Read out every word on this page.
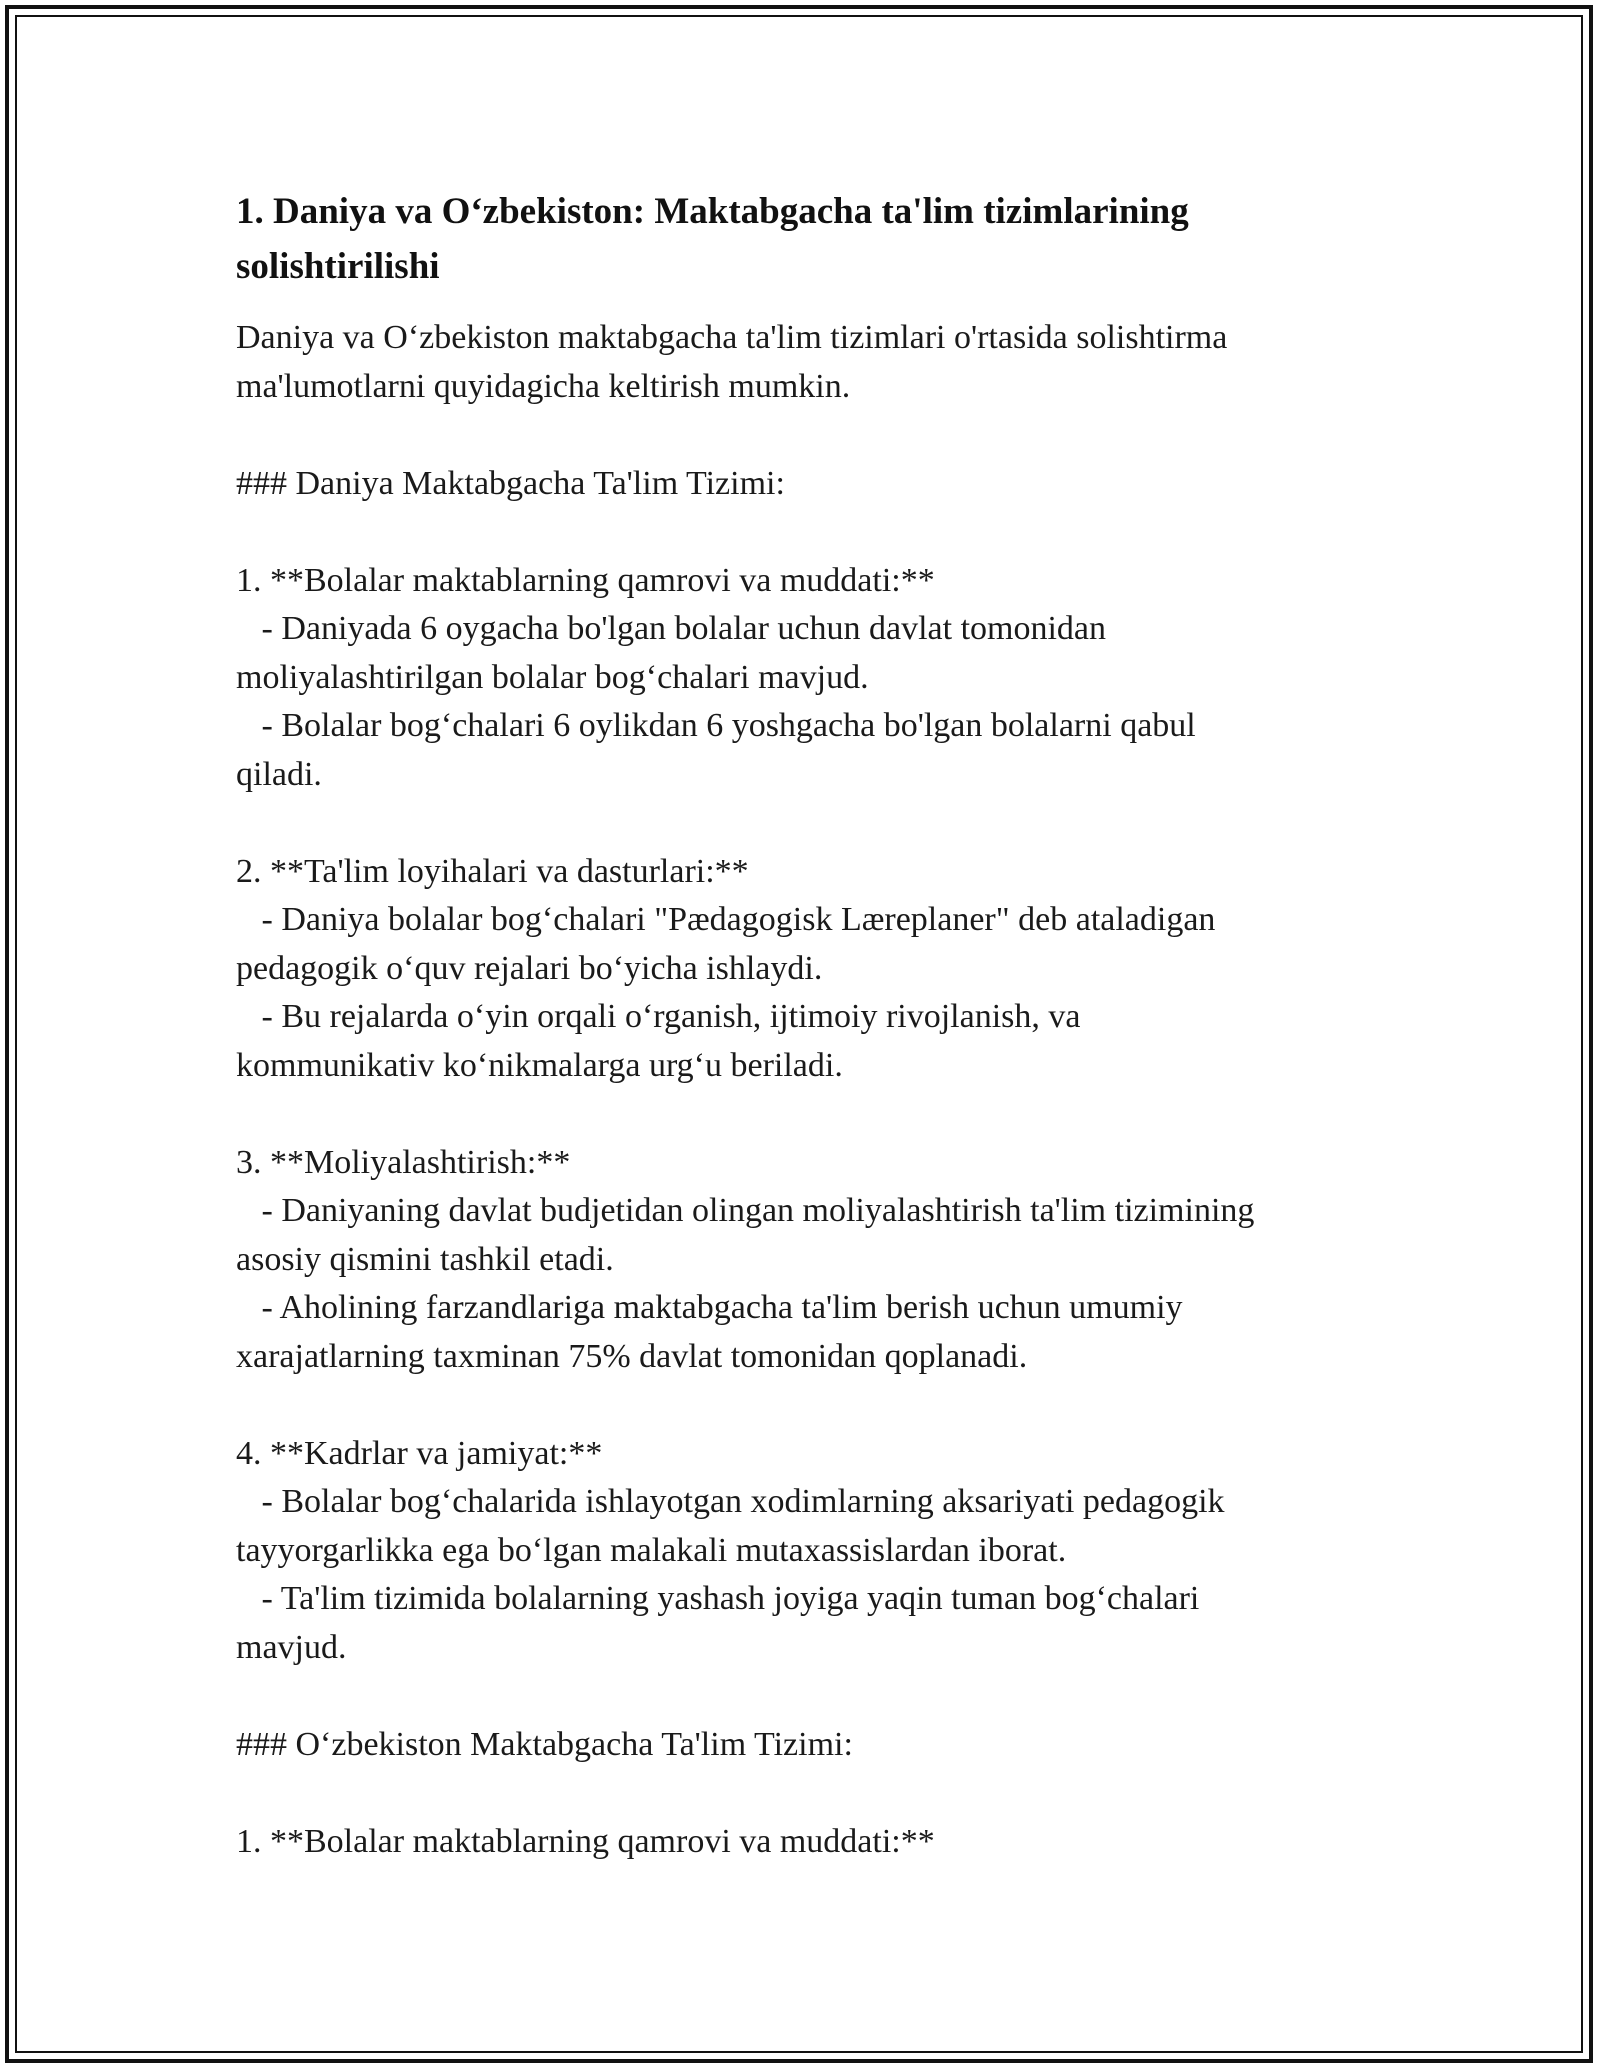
1. Daniya va O‘zbekiston: Maktabgacha ta'lim tizimlarining solishtirilishi
Daniya va O‘zbekiston maktabgacha ta'lim tizimlari o'rtasida solishtirma
ma'lumotlarni quyidagicha keltirish mumkin.
### Daniya Maktabgacha Ta'lim Tizimi:
1. **Bolalar maktablarning qamrovi va muddati:**
- Daniyada 6 oygacha bo'lgan bolalar uchun davlat tomonidan
moliyalashtirilgan bolalar bog‘chalari mavjud.
- Bolalar bog‘chalari 6 oylikdan 6 yoshgacha bo'lgan bolalarni qabul
qiladi.
2. **Ta'lim loyihalari va dasturlari:**
- Daniya bolalar bog‘chalari "Pædagogisk Læreplaner" deb ataladigan
pedagogik o‘quv rejalari bo‘yicha ishlaydi.
- Bu rejalarda o‘yin orqali o‘rganish, ijtimoiy rivojlanish, va
kommunikativ ko‘nikmalarga urg‘u beriladi.
3. **Moliyalashtirish:**
- Daniyaning davlat budjetidan olingan moliyalashtirish ta'lim tizimining
asosiy qismini tashkil etadi.
- Aholining farzandlariga maktabgacha ta'lim berish uchun umumiy
xarajatlarning taxminan 75% davlat tomonidan qoplanadi.
4. **Kadrlar va jamiyat:**
- Bolalar bog‘chalarida ishlayotgan xodimlarning aksariyati pedagogik
tayyorgarlikka ega bo‘lgan malakali mutaxassislardan iborat.
- Ta'lim tizimida bolalarning yashash joyiga yaqin tuman bog‘chalari
mavjud.
### O‘zbekiston Maktabgacha Ta'lim Tizimi:
1. **Bolalar maktablarning qamrovi va muddati:**
